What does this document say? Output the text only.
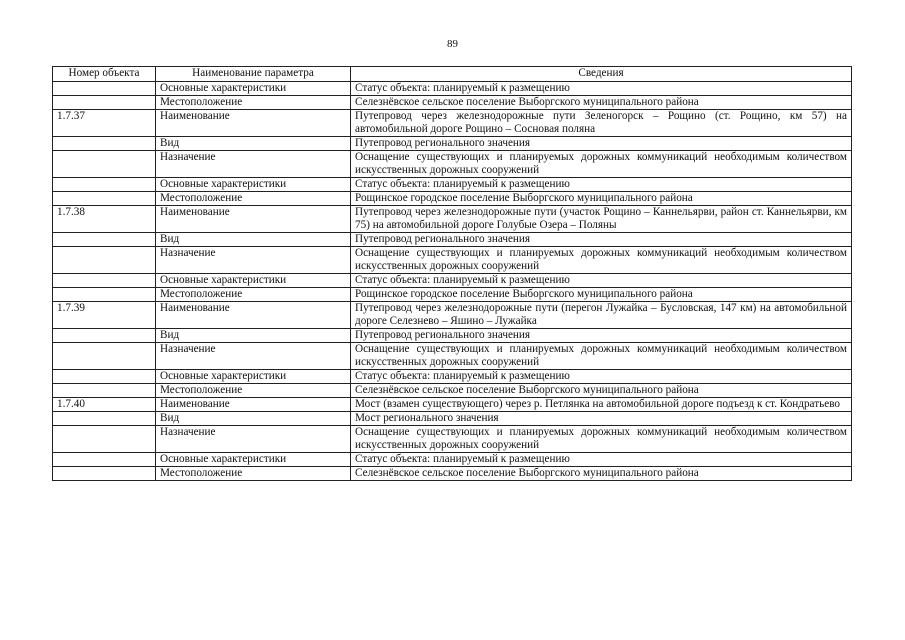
89
Номер объекта	Наименование параметра	Сведения
	Основные характеристики	Статус объекта: планируемый к размещению
	Местоположение	Селезнёвское сельское поселение Выборгского муниципального района
1.7.37	Наименование	Путепровод через железнодорожные пути Зеленогорск – Рощино (ст. Рощино, км 57) на автомобильной дороге Рощино – Сосновая поляна
	Вид	Путепровод регионального значения
	Назначение	Оснащение существующих и планируемых дорожных коммуникаций необходимым количеством искусственных дорожных сооружений
	Основные характеристики	Статус объекта: планируемый к размещению
	Местоположение	Рощинское городское поселение Выборгского муниципального района
1.7.38	Наименование	Путепровод через железнодорожные пути (участок Рощино – Каннельярви, район ст. Каннельярви, км 75) на автомобильной дороге Голубые Озера – Поляны
	Вид	Путепровод регионального значения
	Назначение	Оснащение существующих и планируемых дорожных коммуникаций необходимым количеством искусственных дорожных сооружений
	Основные характеристики	Статус объекта: планируемый к размещению
	Местоположение	Рощинское городское поселение Выборгского муниципального района
1.7.39	Наименование	Путепровод через железнодорожные пути (перегон Лужайка – Бусловская, 147 км) на автомобильной дороге Селезнево – Яшино – Лужайка
	Вид	Путепровод регионального значения
	Назначение	Оснащение существующих и планируемых дорожных коммуникаций необходимым количеством искусственных дорожных сооружений
	Основные характеристики	Статус объекта: планируемый к размещению
	Местоположение	Селезнёвское сельское поселение Выборгского муниципального района
1.7.40	Наименование	Мост (взамен существующего) через р. Петлянка на автомобильной дороге подъезд к ст. Кондратьево
	Вид	Мост регионального значения
	Назначение	Оснащение существующих и планируемых дорожных коммуникаций необходимым количеством искусственных дорожных сооружений
	Основные характеристики	Статус объекта: планируемый к размещению
	Местоположение	Селезнёвское сельское поселение Выборгского муниципального района
